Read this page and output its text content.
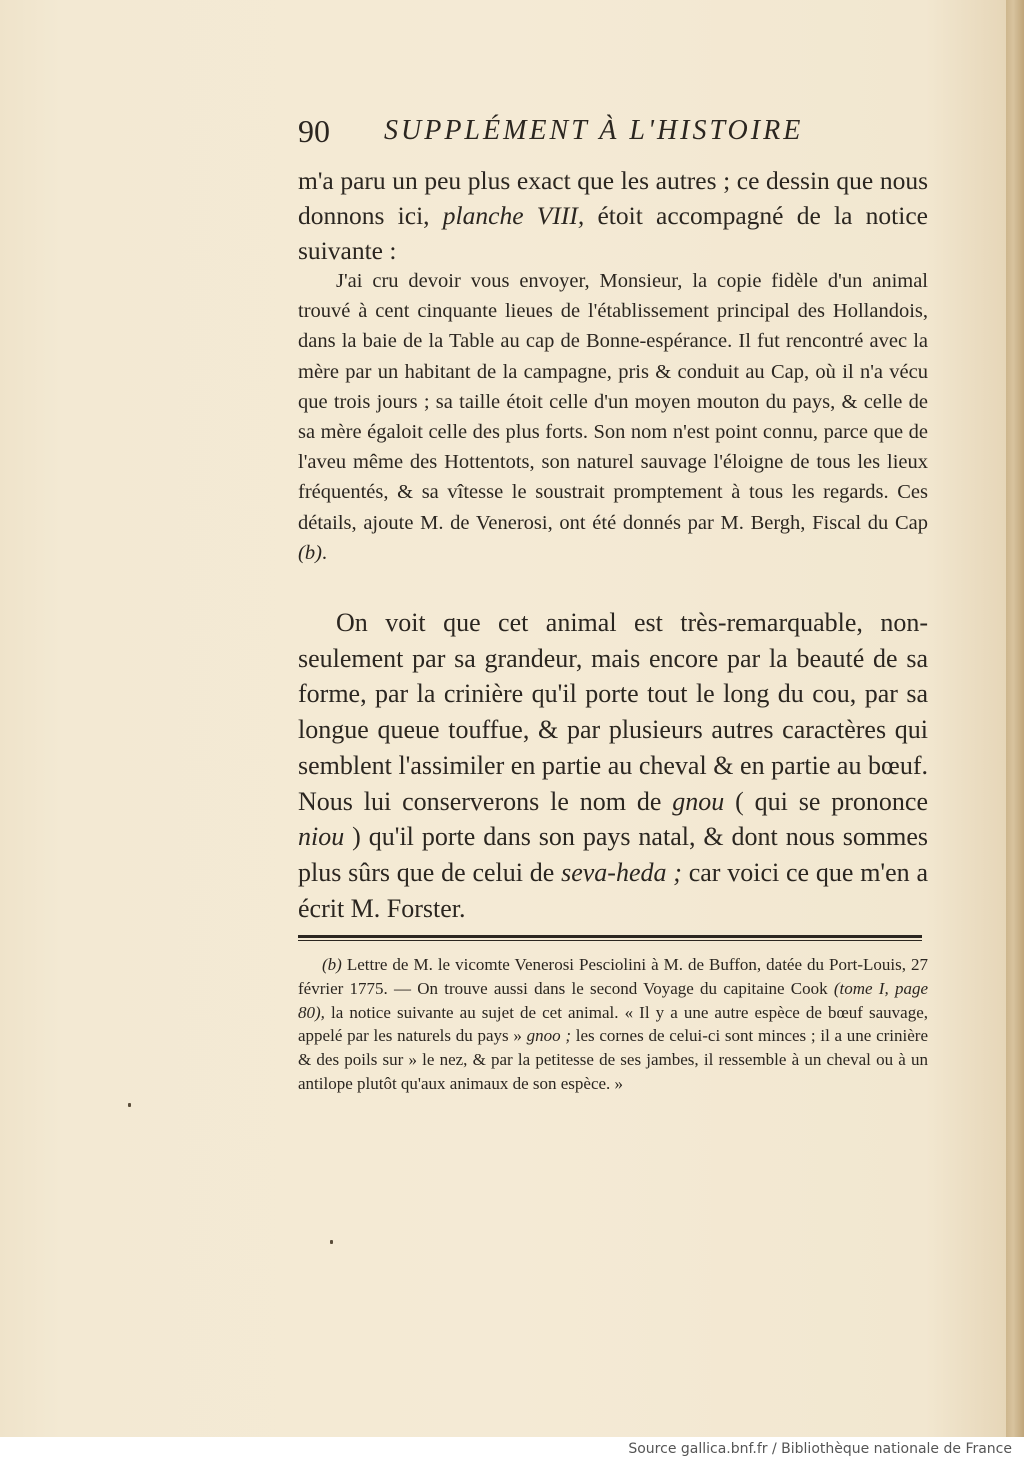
90 SUPPLÉMENT À L'HISTOIRE
m'a paru un peu plus exact que les autres ; ce dessin que nous donnons ici, planche VIII, étoit accompagné de la notice suivante :
J'ai cru devoir vous envoyer, Monsieur, la copie fidèle d'un animal trouvé à cent cinquante lieues de l'établissement principal des Hollandois, dans la baie de la Table au cap de Bonne-espérance. Il fut rencontré avec la mère par un habitant de la campagne, pris & conduit au Cap, où il n'a vécu que trois jours ; sa taille étoit celle d'un moyen mouton du pays, & celle de sa mère égaloit celle des plus forts. Son nom n'est point connu, parce que de l'aveu même des Hottentots, son naturel sauvage l'éloigne de tous les lieux fréquentés, & sa vîtesse le soustrait promptement à tous les regards. Ces détails, ajoute M. de Venerosi, ont été donnés par M. Bergh, Fiscal du Cap (b).
On voit que cet animal est très-remarquable, non-seulement par sa grandeur, mais encore par la beauté de sa forme, par la crinière qu'il porte tout le long du cou, par sa longue queue touffue, & par plusieurs autres caractères qui semblent l'assimiler en partie au cheval & en partie au bœuf. Nous lui conserverons le nom de gnou ( qui se prononce niou ) qu'il porte dans son pays natal, & dont nous sommes plus sûrs que de celui de seva-heda ; car voici ce que m'en a écrit M. Forster.
(b) Lettre de M. le vicomte Venerosi Pesciolini à M. de Buffon, datée du Port-Louis, 27 février 1775. — On trouve aussi dans le second Voyage du capitaine Cook (tome I, page 80), la notice suivante au sujet de cet animal. « Il y a une autre espèce de bœuf sauvage, appelé par les naturels du pays » gnoo ; les cornes de celui-ci sont minces ; il a une crinière & des poils sur » le nez, & par la petitesse de ses jambes, il ressemble à un cheval ou à un antilope plutôt qu'aux animaux de son espèce. »
Source gallica.bnf.fr / Bibliothèque nationale de France
